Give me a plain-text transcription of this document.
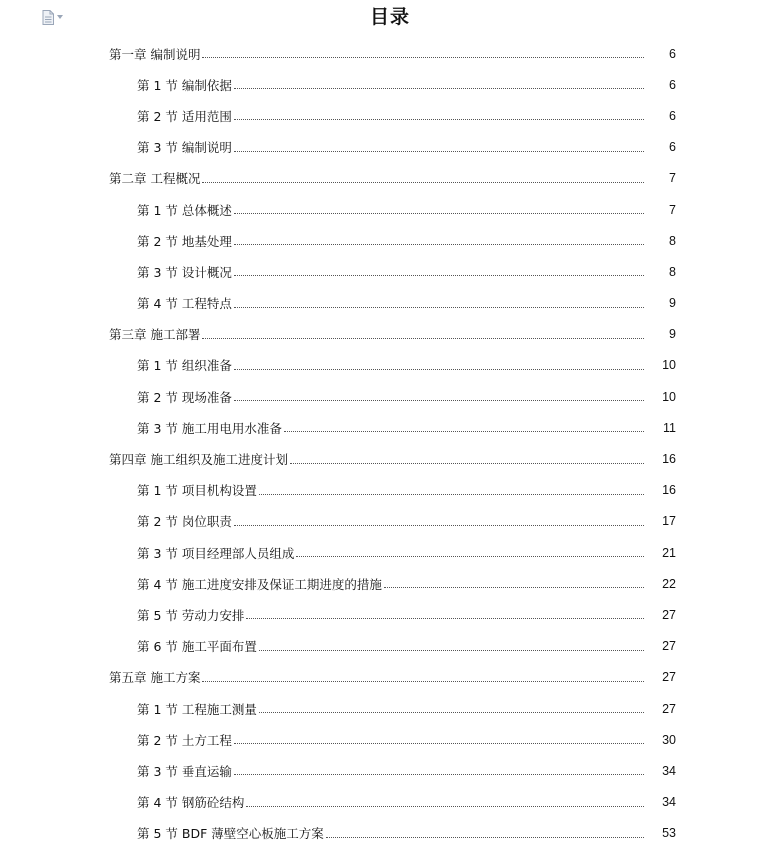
目录
第一章 编制说明	6
第 1 节 编制依据	6
第 2 节 适用范围	6
第 3 节 编制说明	6
第二章 工程概况	7
第 1 节 总体概述	7
第 2 节 地基处理	8
第 3 节 设计概况	8
第 4 节 工程特点	9
第三章 施工部署	9
第 1 节 组织准备	10
第 2 节 现场准备	10
第 3 节 施工用电用水准备	11
第四章 施工组织及施工进度计划	16
第 1 节 项目机构设置	16
第 2 节 岗位职责	17
第 3 节 项目经理部人员组成	21
第 4 节 施工进度安排及保证工期进度的措施	22
第 5 节 劳动力安排	27
第 6 节 施工平面布置	27
第五章 施工方案	27
第 1 节 工程施工测量	27
第 2 节 土方工程	30
第 3 节 垂直运输	34
第 4 节 钢筋砼结构	34
第 5 节 BDF 薄壁空心板施工方案	53
